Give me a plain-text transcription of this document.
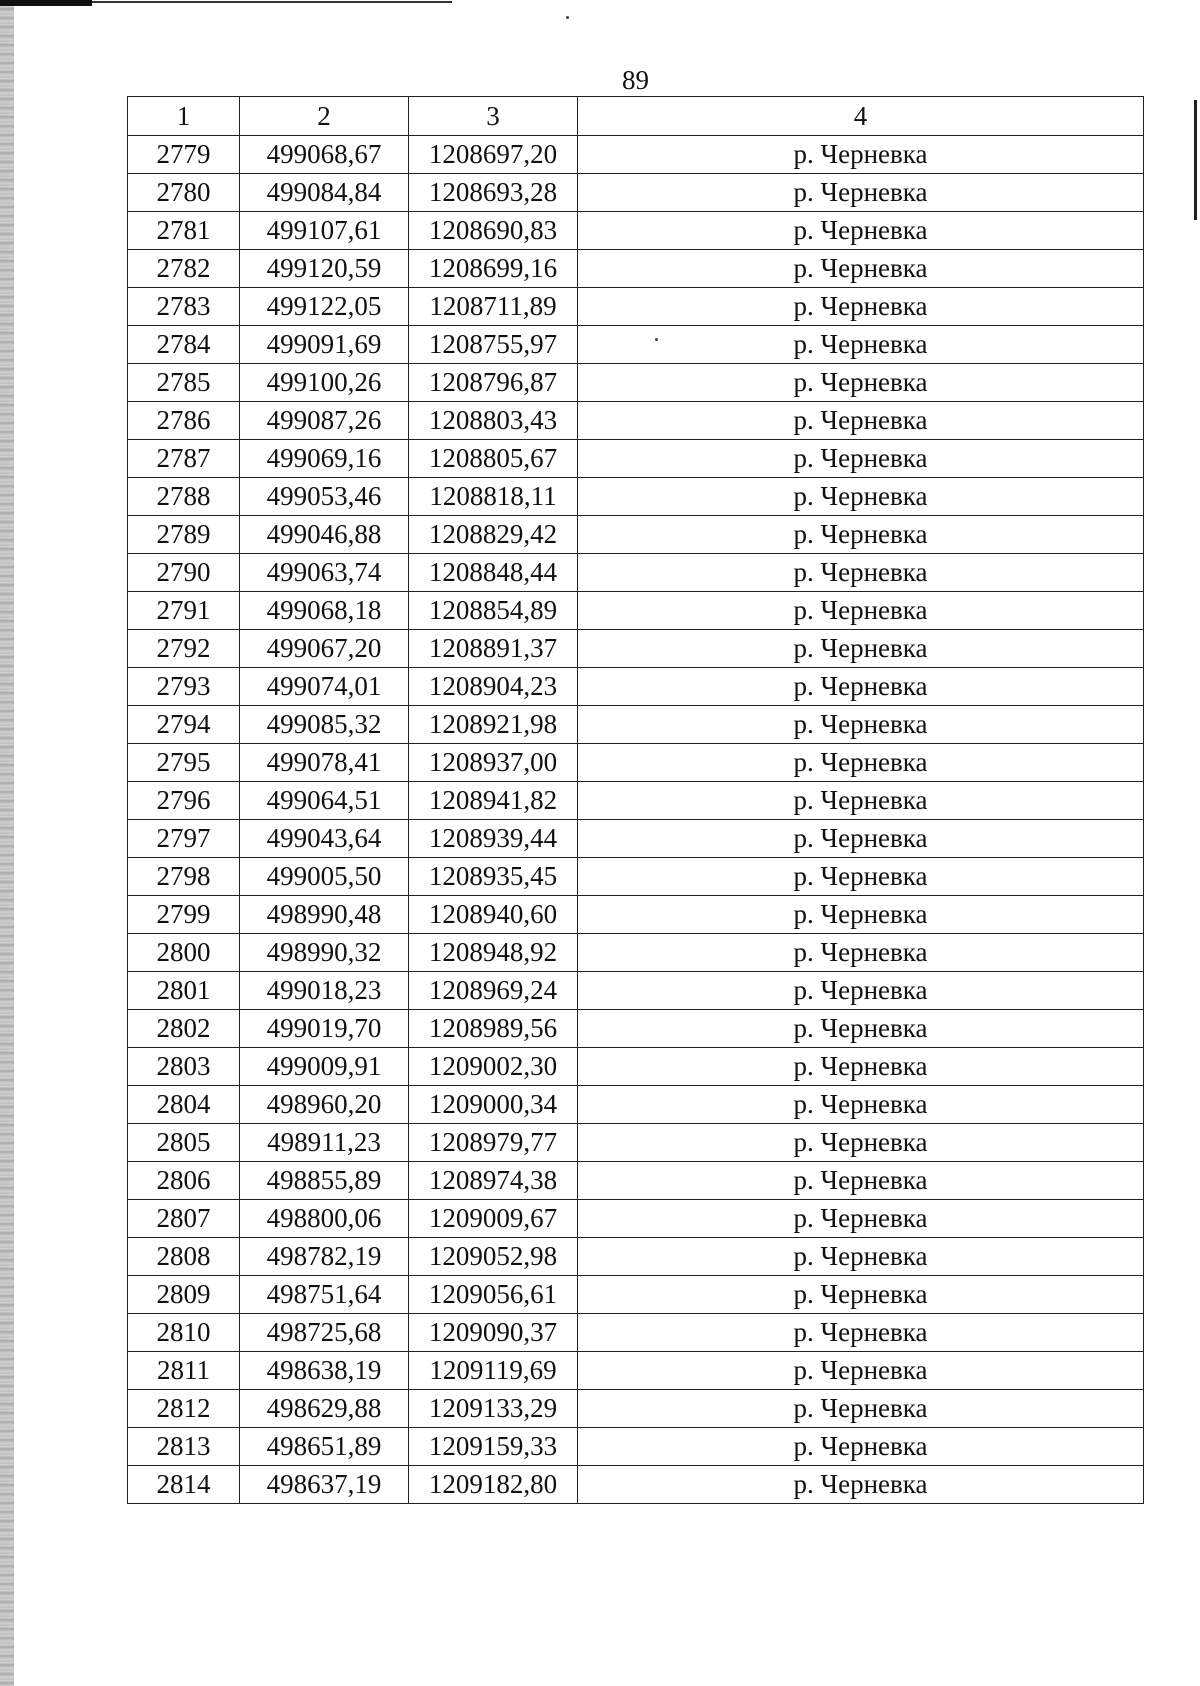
89
1	2	3	4
2779	499068,67	1208697,20	р. Черневка
2780	499084,84	1208693,28	р. Черневка
2781	499107,61	1208690,83	р. Черневка
2782	499120,59	1208699,16	р. Черневка
2783	499122,05	1208711,89	р. Черневка
2784	499091,69	1208755,97	р. Черневка
2785	499100,26	1208796,87	р. Черневка
2786	499087,26	1208803,43	р. Черневка
2787	499069,16	1208805,67	р. Черневка
2788	499053,46	1208818,11	р. Черневка
2789	499046,88	1208829,42	р. Черневка
2790	499063,74	1208848,44	р. Черневка
2791	499068,18	1208854,89	р. Черневка
2792	499067,20	1208891,37	р. Черневка
2793	499074,01	1208904,23	р. Черневка
2794	499085,32	1208921,98	р. Черневка
2795	499078,41	1208937,00	р. Черневка
2796	499064,51	1208941,82	р. Черневка
2797	499043,64	1208939,44	р. Черневка
2798	499005,50	1208935,45	р. Черневка
2799	498990,48	1208940,60	р. Черневка
2800	498990,32	1208948,92	р. Черневка
2801	499018,23	1208969,24	р. Черневка
2802	499019,70	1208989,56	р. Черневка
2803	499009,91	1209002,30	р. Черневка
2804	498960,20	1209000,34	р. Черневка
2805	498911,23	1208979,77	р. Черневка
2806	498855,89	1208974,38	р. Черневка
2807	498800,06	1209009,67	р. Черневка
2808	498782,19	1209052,98	р. Черневка
2809	498751,64	1209056,61	р. Черневка
2810	498725,68	1209090,37	р. Черневка
2811	498638,19	1209119,69	р. Черневка
2812	498629,88	1209133,29	р. Черневка
2813	498651,89	1209159,33	р. Черневка
2814	498637,19	1209182,80	р. Черневка
